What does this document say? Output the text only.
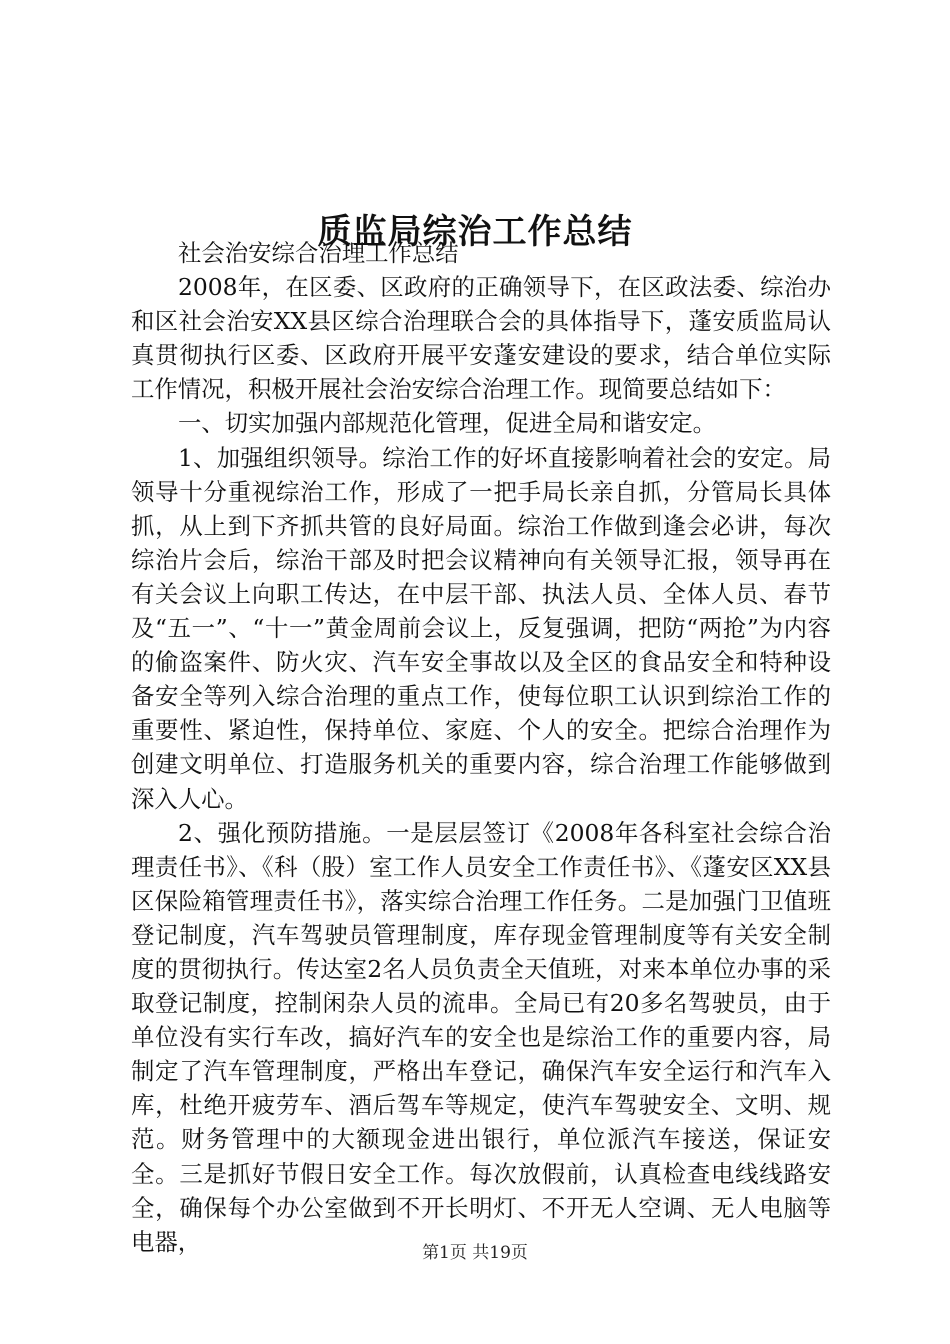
质监局综治工作总结

社会治安综合治理工作总结

2008年，在区委、区政府的正确领导下，在区政法委、综治办和区社会治安XX县区综合治理联合会的具体指导下，蓬安质监局认真贯彻执行区委、区政府开展平安蓬安建设的要求，结合单位实际工作情况，积极开展社会治安综合治理工作。现简要总结如下：

一、切实加强内部规范化管理，促进全局和谐安定。

1、加强组织领导。综治工作的好坏直接影响着社会的安定。局领导十分重视综治工作，形成了一把手局长亲自抓，分管局长具体抓，从上到下齐抓共管的良好局面。综治工作做到逢会必讲，每次综治片会后，综治干部及时把会议精神向有关领导汇报，领导再在有关会议上向职工传达，在中层干部、执法人员、全体人员、春节及“五一”、“十一”黄金周前会议上，反复强调，把防“两抢”为内容的偷盗案件、防火灾、汽车安全事故以及全区的食品安全和特种设备安全等列入综合治理的重点工作，使每位职工认识到综治工作的重要性、紧迫性，保持单位、家庭、个人的安全。把综合治理作为创建文明单位、打造服务机关的重要内容，综合治理工作能够做到深入人心。

2、强化预防措施。一是层层签订《2008年各科室社会综合治理责任书》、《科（股）室工作人员安全工作责任书》、《蓬安区XX县区保险箱管理责任书》，落实综合治理工作任务。二是加强门卫值班登记制度，汽车驾驶员管理制度，库存现金管理制度等有关安全制度的贯彻执行。传达室2名人员负责全天值班，对来本单位办事的采取登记制度，控制闲杂人员的流串。全局已有20多名驾驶员，由于单位没有实行车改，搞好汽车的安全也是综治工作的重要内容，局制定了汽车管理制度，严格出车登记，确保汽车安全运行和汽车入库，杜绝开疲劳车、酒后驾车等规定，使汽车驾驶安全、文明、规范。财务管理中的大额现金进出银行，单位派汽车接送，保证安全。三是抓好节假日安全工作。每次放假前，认真检查电线线路安全，确保每个办公室做到不开长明灯、不开无人空调、无人电脑等电器，	第1页 共19页
